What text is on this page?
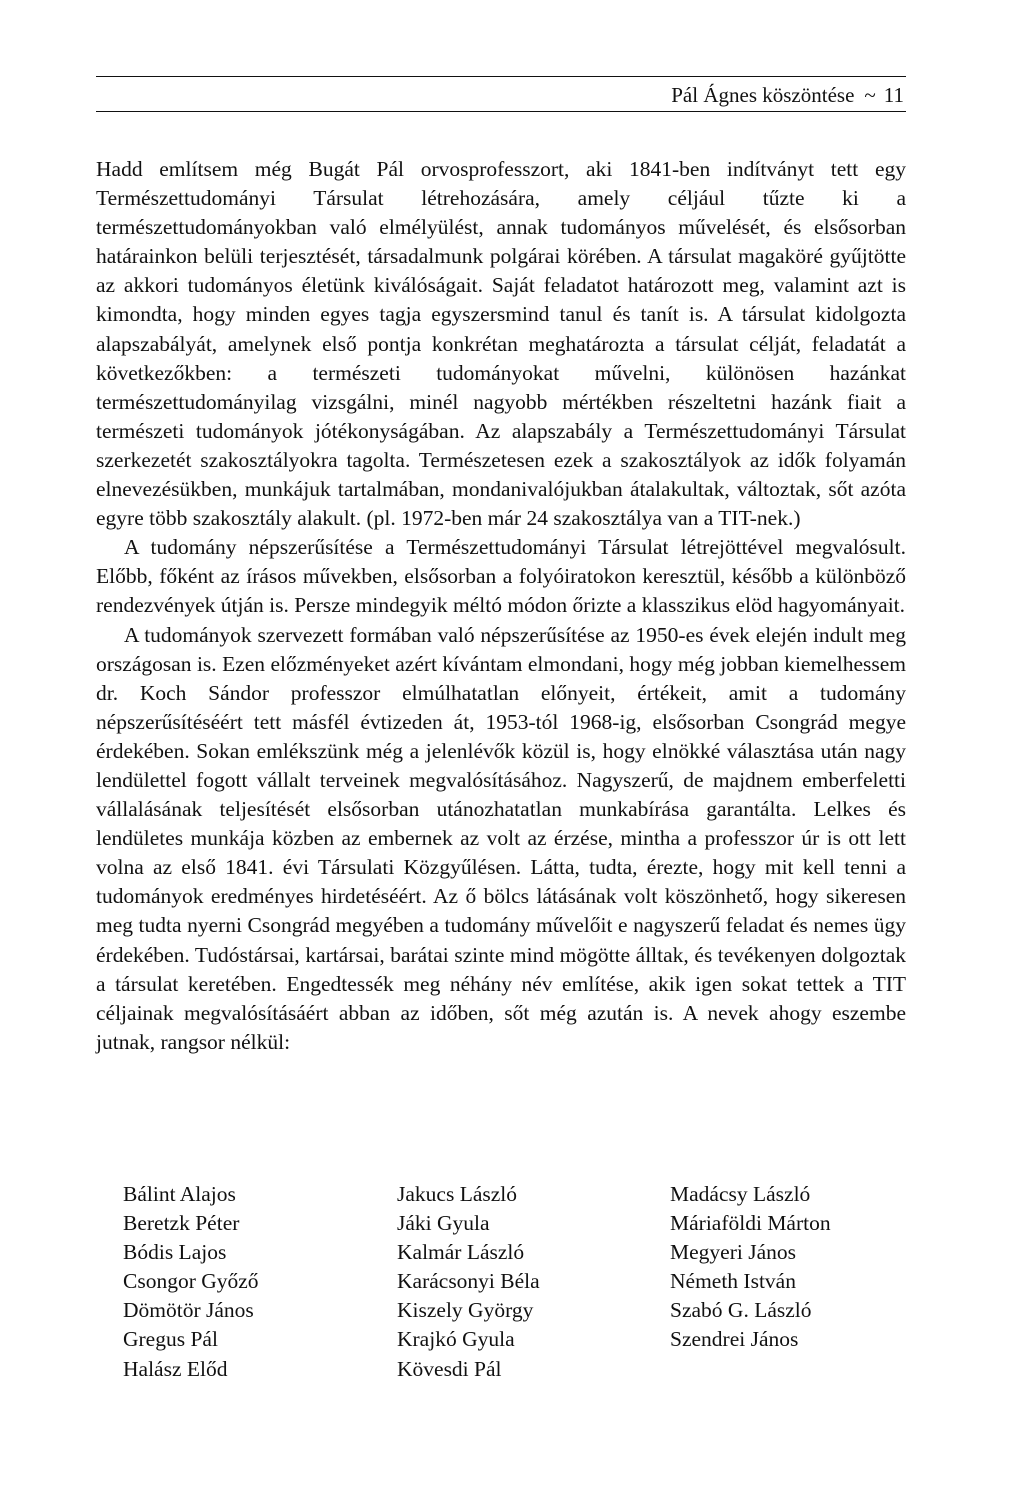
Pál Ágnes köszöntése ~ 11

Hadd említsem még Bugát Pál orvosprofesszort, aki 1841-ben indítványt tett egy Természettudományi Társulat létrehozására, amely céljául tűzte ki a természettudományokban való elmélyülést, annak tudományos művelését, és elsősorban határainkon belüli terjesztését, társadalmunk polgárai körében. A társulat magaköré gyűjtötte az akkori tudományos életünk kiválóságait. Saját feladatot határozott meg, valamint azt is kimondta, hogy minden egyes tagja egyszersmind tanul és tanít is. A társulat kidolgozta alapszabályát, amelynek első pontja konkrétan meghatározta a társulat célját, feladatát a következőkben: a természeti tudományokat művelni, különösen hazánkat természettudományilag vizsgálni, minél nagyobb mértékben részeltetni hazánk fiait a természeti tudományok jótékonyságában. Az alapszabály a Természettudományi Társulat szerkezetét szakosztályokra tagolta. Természetesen ezek a szakosztályok az idők folyamán elnevezésükben, munkájuk tartalmában, mondanivalójukban átalakultak, változtak, sőt azóta egyre több szakosztály alakult. (pl. 1972-ben már 24 szakosztálya van a TIT-nek.)

A tudomány népszerűsítése a Természettudományi Társulat létrejöttével megvalósult. Előbb, főként az írásos művekben, elsősorban a folyóiratokon keresztül, később a különböző rendezvények útján is. Persze mindegyik méltó módon őrizte a klasszikus elöd hagyományait.

A tudományok szervezett formában való népszerűsítése az 1950-es évek elején indult meg országosan is. Ezen előzményeket azért kívántam elmondani, hogy még jobban kiemelhessem dr. Koch Sándor professzor elmúlhatatlan előnyeit, értékeit, amit a tudomány népszerűsítéséért tett másfél évtizeden át, 1953-tól 1968-ig, elsősorban Csongrád megye érdekében. Sokan emlékszünk még a jelenlévők közül is, hogy elnökké választása után nagy lendülettel fogott vállalt terveinek megvalósításához. Nagyszerű, de majdnem emberfeletti vállalásának teljesítését elsősorban utánozhatatlan munkabírása garantálta. Lelkes és lendületes munkája közben az embernek az volt az érzése, mintha a professzor úr is ott lett volna az első 1841. évi Társulati Közgyűlésen. Látta, tudta, érezte, hogy mit kell tenni a tudományok eredményes hirdetéséért. Az ő bölcs látásának volt köszönhető, hogy sikeresen meg tudta nyerni Csongrád megyében a tudomány művelőit e nagyszerű feladat és nemes ügy érdekében. Tudóstársai, kartársai, barátai szinte mind mögötte álltak, és tevékenyen dolgoztak a társulat keretében. Engedtessék meg néhány név említése, akik igen sokat tettek a TIT céljainak megvalósításáért abban az időben, sőt még azután is. A nevek ahogy eszembe jutnak, rangsor nélkül:

Bálint Alajos
Beretzk Péter
Bódis Lajos
Csongor Győző
Dömötör János
Gregus Pál
Halász Előd
Jakucs László
Jáki Gyula
Kalmár László
Karácsonyi Béla
Kiszely György
Krajkó Gyula
Kövesdi Pál
Madácsy László
Máriaföldi Márton
Megyeri János
Németh István
Szabó G. László
Szendrei János
